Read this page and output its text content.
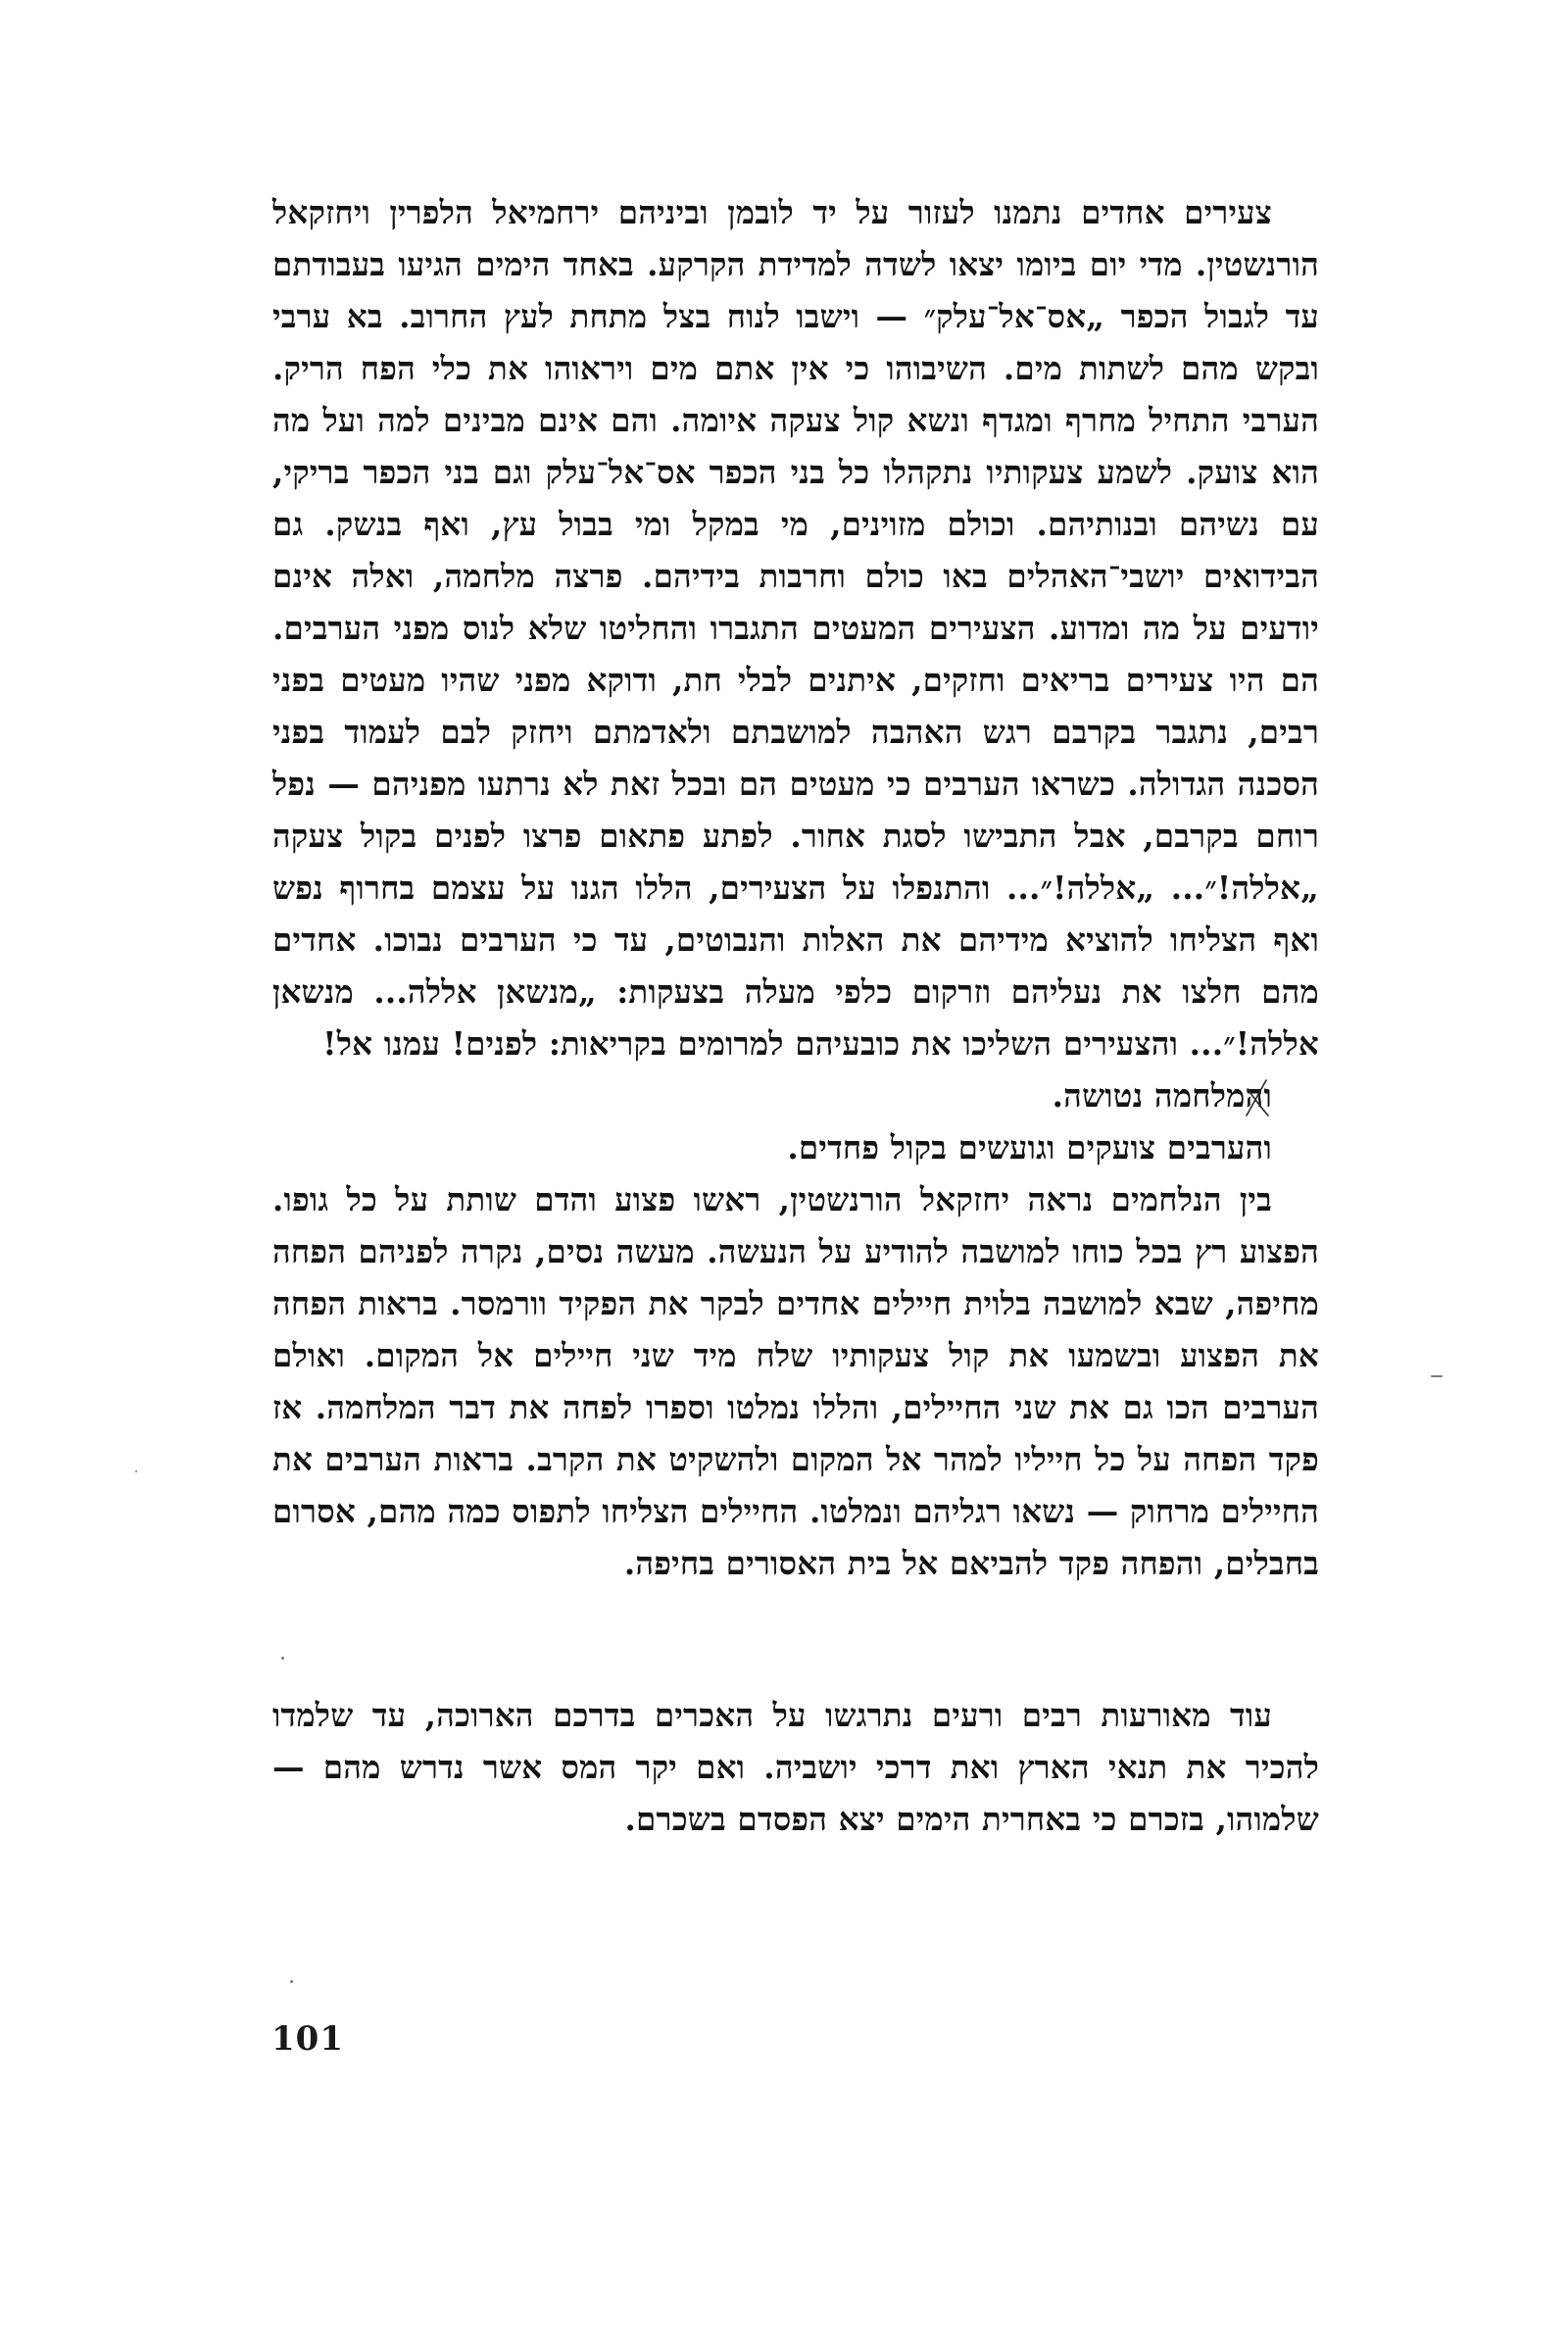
צעירים אחדים נתמנו לעזור על יד לובמן וביניהם ירחמיאל הלפרין ויחזקאל הורנשטין. מדי יום ביומו יצאו לשדה למדידת הקרקע. באחד הימים הגיעו בעבודתם עד לגבול הכפר „אס־אל־עלק״ — וישבו לנוח בצל מתחת לעץ החרוב. בא ערבי ובקש מהם לשתות מים. השיבוהו כי אין אתם מים ויראוהו את כלי הפח הריק. הערבי התחיל מחרף ומגדף ונשא קול צעקה איומה. והם אינם מבינים למה ועל מה הוא צועק. לשמע צעקותיו נתקהלו כל בני הכפר אס־אל־עלק וגם בני הכפר בריקי, עם נשיהם ובנותיהם. וכולם מזוינים, מי במקל ומי בבול עץ, ואף בנשק. גם הבידואים יושבי־האהלים באו כולם וחרבות בידיהם. פרצה מלחמה, ואלה אינם יודעים על מה ומדוע. הצעירים המעטים התגברו והחליטו שלא לנוס מפני הערבים. הם היו צעירים בריאים וחזקים, איתנים לבלי חת, ודוקא מפני שהיו מעטים בפני רבים, נתגבר בקרבם רגש האהבה למושבתם ולאדמתם ויחזק לבם לעמוד בפני הסכנה הגדולה. כשראו הערבים כי מעטים הם ובכל זאת לא נרתעו מפניהם — נפל רוחם בקרבם, אבל התבישו לסגת אחור. לפתע פתאום פרצו לפנים בקול צעקה „אללה!״... „אללה!״... והתנפלו על הצעירים, הללו הגנו על עצמם בחרוף נפש ואף הצליחו להוציא מידיהם את האלות והנבוטים, עד כי הערבים נבוכו. אחדים מהם חלצו את נעליהם וזרקום כלפי מעלה בצעקות: „מנשאן אללה... מנשאן אללה!״... והצעירים השליכו את כובעיהם למרומים בקריאות: לפנים! עמנו אל!

והמלחמה נטושה.

והערבים צועקים וגועשים בקול פחדים.

בין הנלחמים נראה יחזקאל הורנשטין, ראשו פצוע והדם שותת על כל גופו. הפצוע רץ בכל כוחו למושבה להודיע על הנעשה. מעשה נסים, נקרה לפניהם הפחה מחיפה, שבא למושבה בלוית חיילים אחדים לבקר את הפקיד וורמסר. בראות הפחה את הפצוע ובשמעו את קול צעקותיו שלח מיד שני חיילים אל המקום. ואולם הערבים הכו גם את שני החיילים, והללו נמלטו וספרו לפחה את דבר המלחמה. אז פקד הפחה על כל חייליו למהר אל המקום ולהשקיט את הקרב. בראות הערבים את החיילים מרחוק — נשאו רגליהם ונמלטו. החיילים הצליחו לתפוס כמה מהם, אסרום בחבלים, והפחה פקד להביאם אל בית האסורים בחיפה.

עוד מאורעות רבים ורעים נתרגשו על האכרים בדרכם הארוכה, עד שלמדו להכיר את תנאי הארץ ואת דרכי יושביה. ואם יקר המס אשר נדרש מהם — שלמוהו, בזכרם כי באחרית הימים יצא הפסדם בשכרם.

101
